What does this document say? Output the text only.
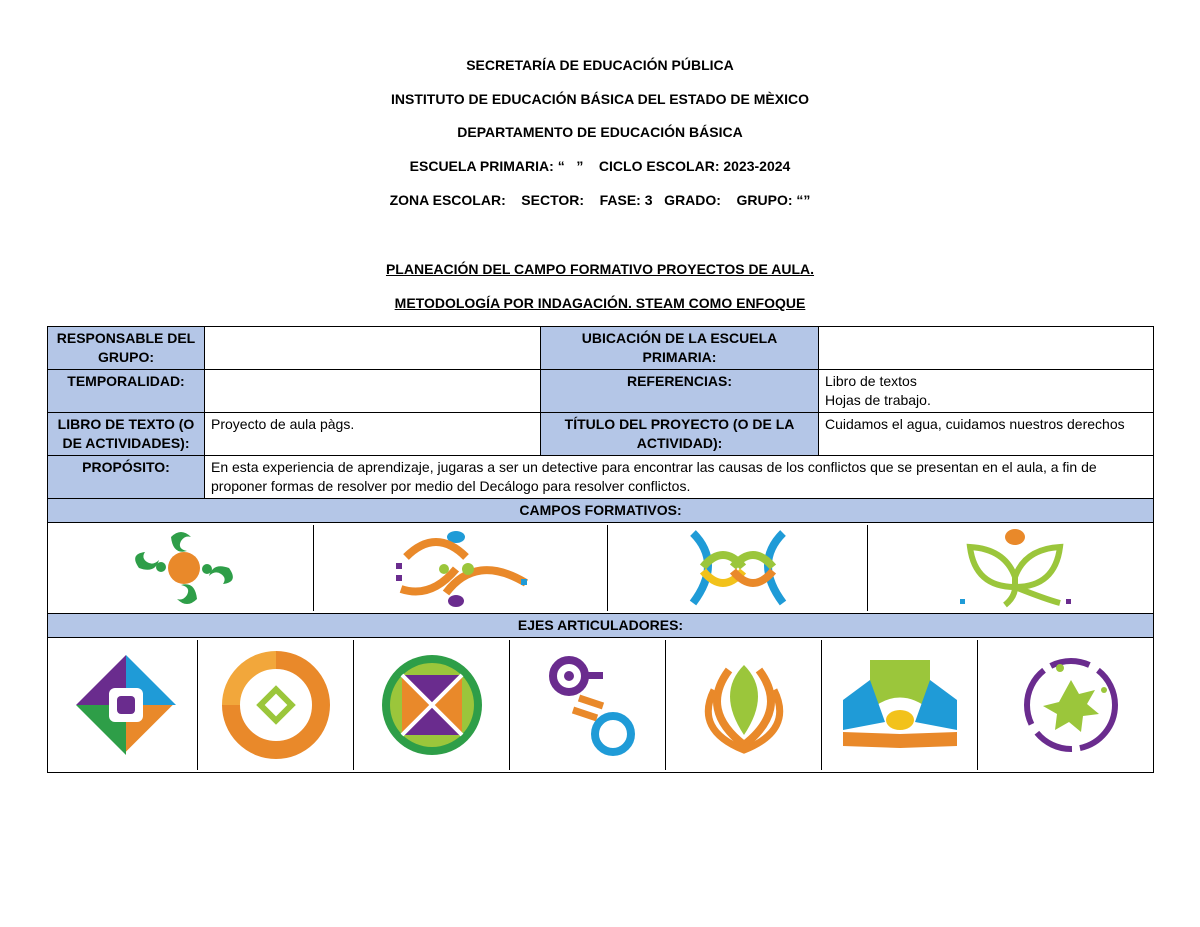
SECRETARÍA DE EDUCACIÓN PÚBLICA
INSTITUTO DE EDUCACIÓN BÁSICA DEL ESTADO DE MÈXICO
DEPARTAMENTO DE EDUCACIÓN BÁSICA
ESCUELA PRIMARIA: “   ”    CICLO ESCOLAR: 2023-2024
ZONA ESCOLAR:    SECTOR:    FASE: 3   GRADO:    GRUPO: “”
PLANEACIÓN DEL CAMPO FORMATIVO PROYECTOS DE AULA.
METODOLOGÍA POR INDAGACIÓN. STEAM COMO ENFOQUE
RESPONSABLE DEL GRUPO:		UBICACIÓN DE LA ESCUELA PRIMARIA:	
TEMPORALIDAD:		REFERENCIAS:	Libro de textos
Hojas de trabajo.

LIBRO DE TEXTO (O DE ACTIVIDADES):	Proyecto de aula pàgs.	TÍTULO DEL PROYECTO (O DE LA ACTIVIDAD):	Cuidamos el agua, cuidamos nuestros derechos
PROPÓSITO:	En esta experiencia de aprendizaje, jugaras a ser un detective para encontrar las causas de los conflictos que se presentan en el aula, a fin de proponer formas de resolver por medio del Decálogo para resolver conflictos.		
CAMPOS FORMATIVOS:			

EJES ARTICULADORES:			
